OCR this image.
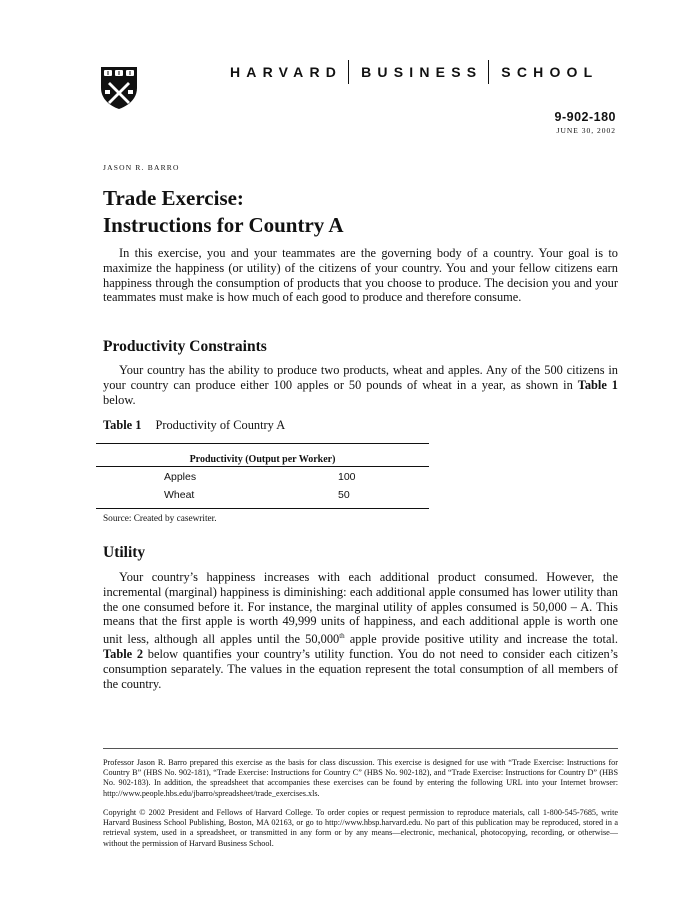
HARVARD BUSINESS SCHOOL
9-902-180
JUNE 30, 2002
JASON R. BARRO
Trade Exercise:
Instructions for Country A

In this exercise, you and your teammates are the governing body of a country. Your goal is to maximize the happiness (or utility) of the citizens of your country. You and your fellow citizens earn happiness through the consumption of products that you choose to produce. The decision you and your teammates must make is how much of each good to produce and therefore consume.

Productivity Constraints

Your country has the ability to produce two products, wheat and apples. Any of the 500 citizens in your country can produce either 100 apples or 50 pounds of wheat in a year, as shown in Table 1 below.

Table 1 Productivity of Country A
Productivity (Output per Worker)
Apples	100
Wheat	50
Source: Created by casewriter.
Utility

Your country’s happiness increases with each additional product consumed. However, the incremental (marginal) happiness is diminishing: each additional apple consumed has lower utility than the one consumed before it. For instance, the marginal utility of apples consumed is 50,000 – A. This means that the first apple is worth 49,999 units of happiness, and each additional apple is worth one unit less, although all apples until the 50,000th apple provide positive utility and increase the total. Table 2 below quantifies your country’s utility function. You do not need to consider each citizen’s consumption separately. The values in the equation represent the total consumption of all members of the country.

Professor Jason R. Barro prepared this exercise as the basis for class discussion. This exercise is designed for use with “Trade Exercise: Instructions for Country B” (HBS No. 902-181), “Trade Exercise: Instructions for Country C” (HBS No. 902-182), and “Trade Exercise: Instructions for Country D” (HBS No. 902-183). In addition, the spreadsheet that accompanies these exercises can be found by entering the following URL into your Internet browser: http://www.people.hbs.edu/jbarro/spreadsheet/trade_exercises.xls.

Copyright © 2002 President and Fellows of Harvard College. To order copies or request permission to reproduce materials, call 1-800-545-7685, write Harvard Business School Publishing, Boston, MA 02163, or go to http://www.hbsp.harvard.edu. No part of this publication may be reproduced, stored in a retrieval system, used in a spreadsheet, or transmitted in any form or by any means—electronic, mechanical, photocopying, recording, or otherwise—without the permission of Harvard Business School.
